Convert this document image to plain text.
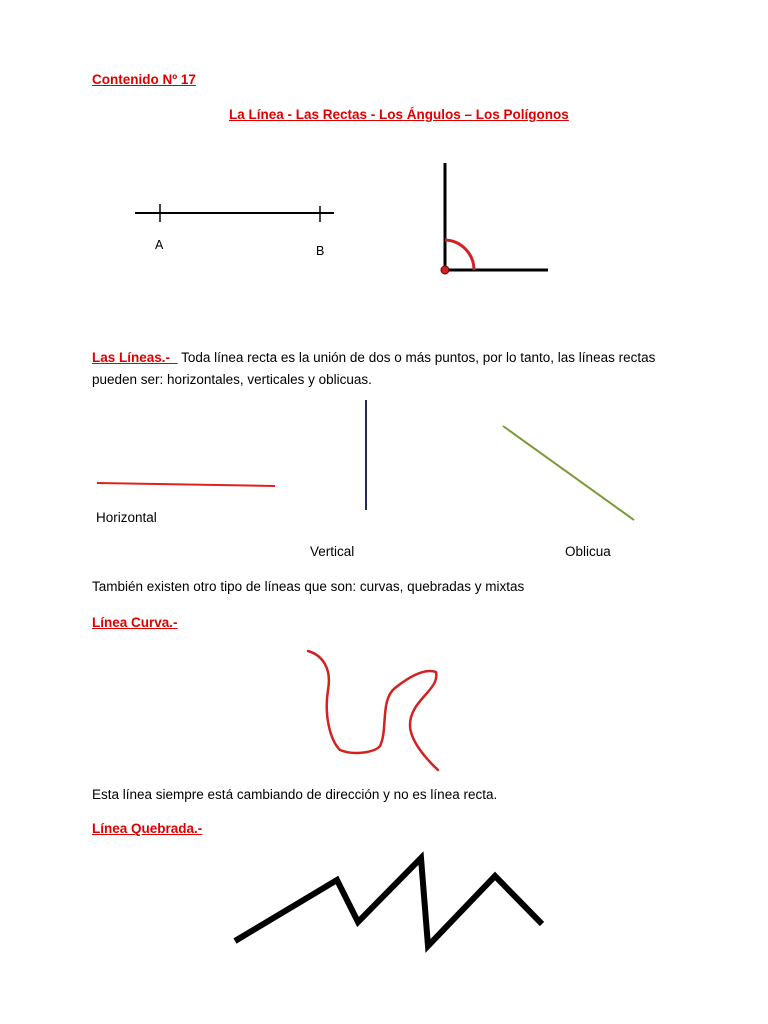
Contenido Nº 17
La Línea - Las Rectas - Los Ángulos – Los Polígonos
A	B
Las Líneas.- Toda línea recta es la unión de dos o más puntos, por lo tanto, las líneas rectas
pueden ser: horizontales, verticales y oblicuas.
Horizontal
Vertical	Oblicua
También existen otro tipo de líneas que son: curvas, quebradas y mixtas
Línea Curva.-
Esta línea siempre está cambiando de dirección y no es línea recta.
Línea Quebrada.-
